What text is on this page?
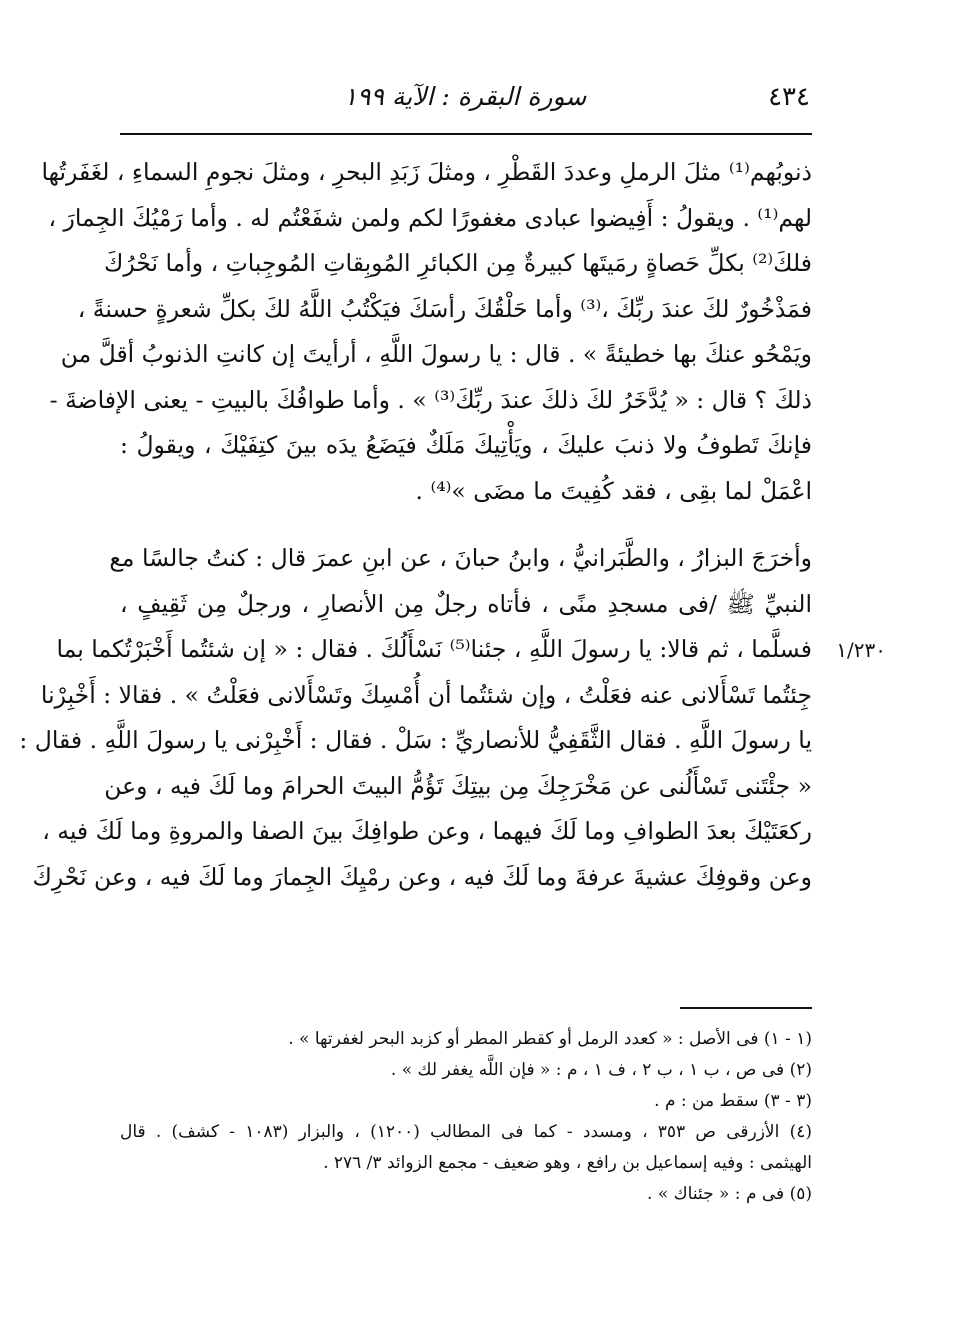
٤٣٤
سورة البقرة : الآية ١٩٩
١/٢٣٠
ذنوبُهم⁽¹⁾ مثلَ الرملِ وعددَ القَطْرِ ، ومثلَ زَبَدِ البحرِ ، ومثلَ نجومِ السماءِ ، لغَفَرتُها
لهم⁽¹⁾ . ويقولُ : أَفِيضوا عبادى مغفورًا لكم ولمن شفَعْتُم له . وأما رَمْيُكَ الجِمارَ ،
فلكَ⁽²⁾ بكلِّ حَصاةٍ رمَيتَها كبيرةٌ مِن الكبائرِ المُوبِقاتِ المُوجِباتِ ، وأما نَحْرُكَ
فمَذْخُورٌ لكَ عندَ ربِّكَ ،⁽³⁾ وأما حَلْقُكَ رأسَكَ فيَكْتُبُ اللَّهُ لكَ بكلِّ شعرةٍ حسنةً ،
ويَمْحُو عنكَ بها خطيئةً » . قال : يا رسولَ اللَّهِ ، أرأيتَ إن كانتِ الذنوبُ أقلَّ من
ذلكَ ؟ قال : « يُدَّخَرُ لكَ ذلكَ عندَ ربِّكَ⁽³⁾ » . وأما طوافُكَ بالبيتِ - يعنى الإفاضةَ -
فإنكَ تَطوفُ ولا ذنبَ عليكَ ، ويَأْتِيكَ مَلَكٌ فيَضَعُ يدَه بينَ كتِفَيْكَ ، ويقولُ :
اعْمَلْ لما بقِى ، فقد كُفِيتَ ما مضَى »⁽⁴⁾ .
وأخرَجَ البزارُ ، والطَّبَرانيُّ ، وابنُ حبانَ ، عن ابنِ عمرَ قال : كنتُ جالسًا مع
النبيِّ ﷺ /فى مسجدِ منًى ، فأتاه رجلٌ مِن الأنصارِ ، ورجلٌ مِن ثَقِيفٍ ،
فسلَّما ، ثم قالا: يا رسولَ اللَّهِ ، جئنا⁽⁵⁾ نَسْأَلُكَ . فقال : « إن شئتُما أَخْبَرْتُكما بما
جِئتُما تَسْأَلانى عنه فعَلْتُ ، وإن شئتُما أن أُمْسِكَ وتَسْأَلانى فعَلْتُ » . فقالا : أَخْبِرْنا
يا رسولَ اللَّهِ . فقال الثَّقَفِيُّ للأنصاريِّ : سَلْ . فقال : أَخْبِرْنى يا رسولَ اللَّهِ . فقال :
« جئْتَنى تَسْأَلُنى عن مَخْرَجِكَ مِن بيتِكَ تَؤُمُّ البيتَ الحرامَ وما لَكَ فيه ، وعن
ركعَتَيْكَ بعدَ الطوافِ وما لَكَ فيهما ، وعن طوافِكَ بينَ الصفا والمروةِ وما لَكَ فيه ،
وعن وقوفِكَ عشيةَ عرفةَ وما لَكَ فيه ، وعن رمْيِكَ الجِمارَ وما لَكَ فيه ، وعن نَحْرِكَ
(١ - ١) فى الأصل : « كعدد الرمل أو كقطر المطر أو كزبد البحر لغفرتها » .
(٢) فى ص ، ب ١ ، ب ٢ ، ف ١ ، م : « فإن اللَّه يغفر لك » .
(٣ - ٣) سقط من : م .
(٤) الأزرقى ص ٣٥٣ ، ومسدد - كما فى المطالب (١٢٠٠) ، والبزار (١٠٨٣ - كشف) . قال
الهيثمى : وفيه إسماعيل بن رافع ، وهو ضعيف - مجمع الزوائد ٣/ ٢٧٦ .
(٥) فى م : « جئناك » .
